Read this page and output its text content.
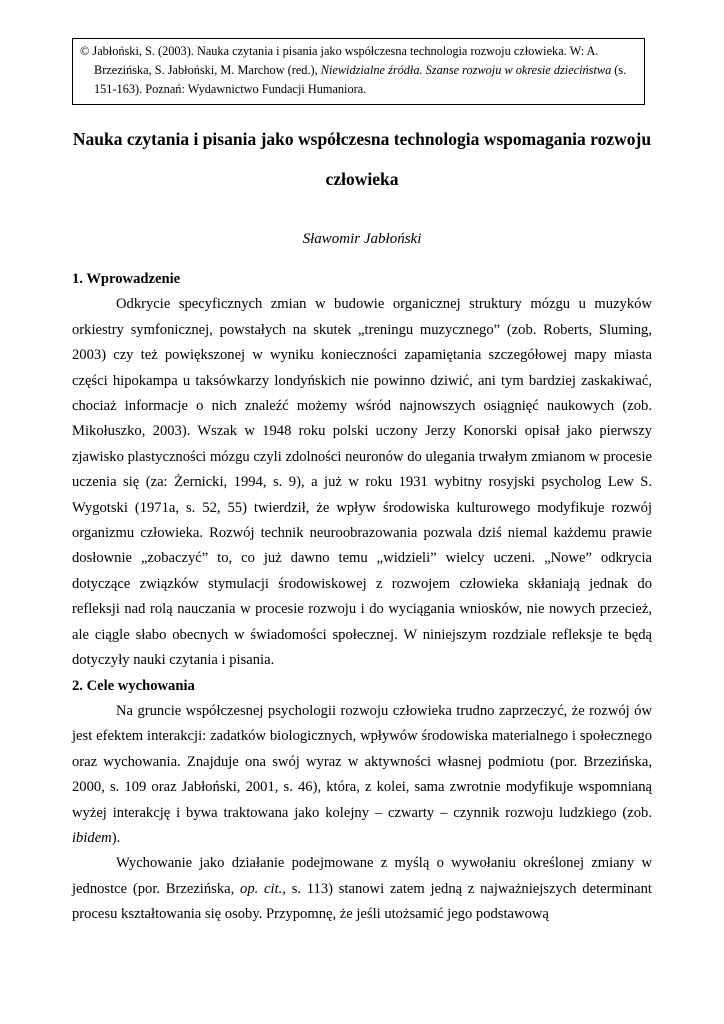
© Jabłoński, S. (2003). Nauka czytania i pisania jako współczesna technologia rozwoju człowieka. W: A. Brzezińska, S. Jabłoński, M. Marchow (red.), Niewidzialne źródła. Szanse rozwoju w okresie dzieciństwa (s. 151-163). Poznań: Wydawnictwo Fundacji Humaniora.

Nauka czytania i pisania jako współczesna technologia wspomagania rozwoju człowieka
Sławomir Jabłoński
1. Wprowadzenie

Odkrycie specyficznych zmian w budowie organicznej struktury mózgu u muzyków orkiestry symfonicznej, powstałych na skutek „treningu muzycznego” (zob. Roberts, Sluming, 2003) czy też powiększonej w wyniku konieczności zapamiętania szczegółowej mapy miasta części hipokampa u taksówkarzy londyńskich nie powinno dziwić, ani tym bardziej zaskakiwać, chociaż informacje o nich znaleźć możemy wśród najnowszych osiągnięć naukowych (zob. Mikołuszko, 2003). Wszak w 1948 roku polski uczony Jerzy Konorski opisał jako pierwszy zjawisko plastyczności mózgu czyli zdolności neuronów do ulegania trwałym zmianom w procesie uczenia się (za: Żernicki, 1994, s. 9), a już w roku 1931 wybitny rosyjski psycholog Lew S. Wygotski (1971a, s. 52, 55) twierdził, że wpływ środowiska kulturowego modyfikuje rozwój organizmu człowieka. Rozwój technik neuroobrazowania pozwala dziś niemal każdemu prawie dosłownie „zobaczyć” to, co już dawno temu „widzieli” wielcy uczeni. „Nowe” odkrycia dotyczące związków stymulacji środowiskowej z rozwojem człowieka skłaniają jednak do refleksji nad rolą nauczania w procesie rozwoju i do wyciągania wniosków, nie nowych przecież, ale ciągle słabo obecnych w świadomości społecznej. W niniejszym rozdziale refleksje te będą dotyczyły nauki czytania i pisania.

2. Cele wychowania

Na gruncie współczesnej psychologii rozwoju człowieka trudno zaprzeczyć, że rozwój ów jest efektem interakcji: zadatków biologicznych, wpływów środowiska materialnego i społecznego oraz wychowania. Znajduje ona swój wyraz w aktywności własnej podmiotu (por. Brzezińska, 2000, s. 109 oraz Jabłoński, 2001, s. 46), która, z kolei, sama zwrotnie modyfikuje wspomnianą wyżej interakcję i bywa traktowana jako kolejny – czwarty – czynnik rozwoju ludzkiego (zob. ibidem).

Wychowanie jako działanie podejmowane z myślą o wywołaniu określonej zmiany w jednostce (por. Brzezińska, op. cit., s. 113) stanowi zatem jedną z najważniejszych determinant procesu kształtowania się osoby. Przypomnę, że jeśli utożsamić jego podstawową
